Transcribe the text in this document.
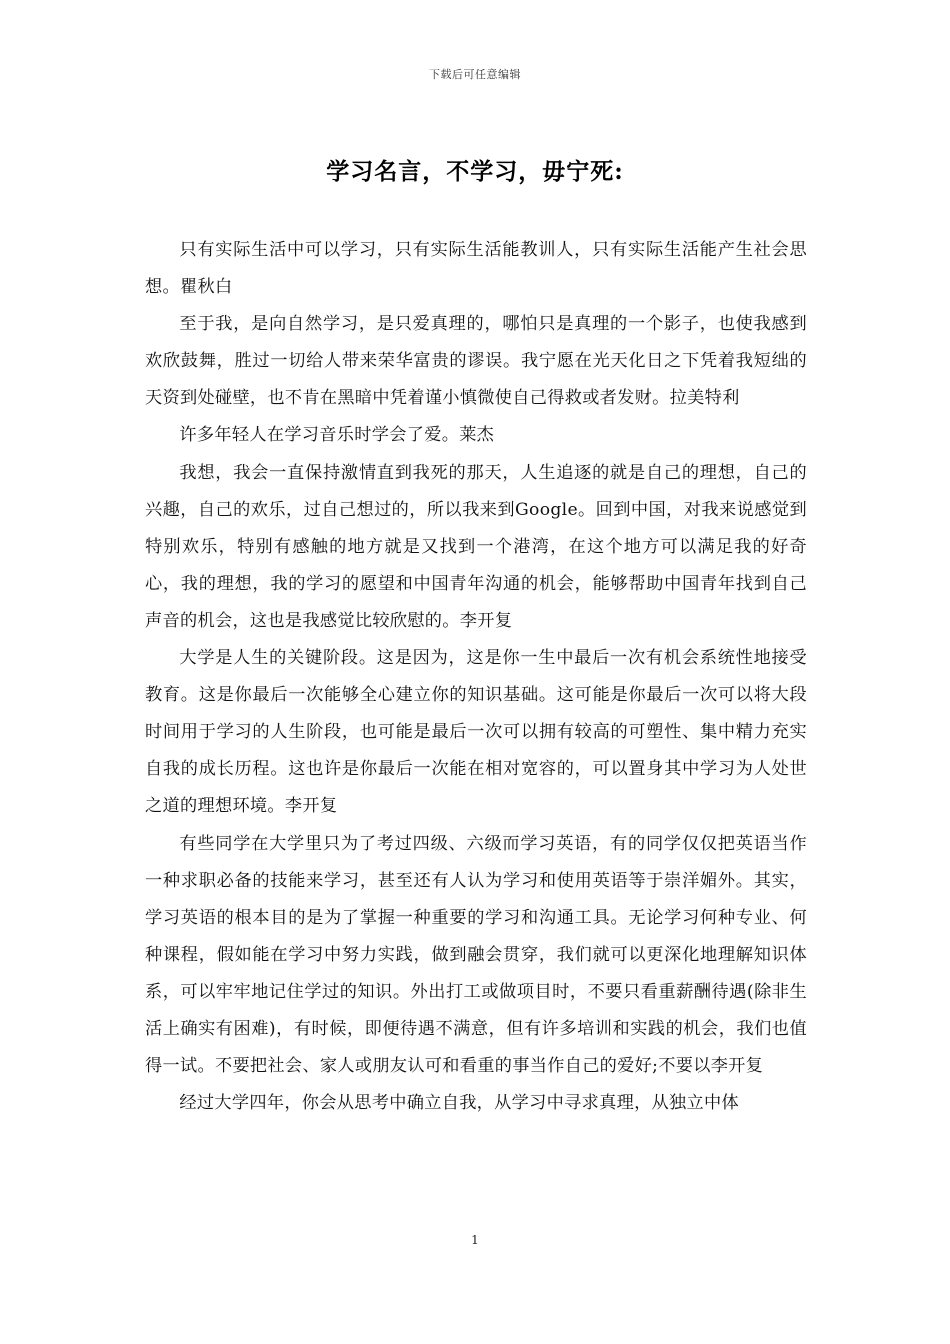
下载后可任意编辑
学习名言，不学习，毋宁死:

只有实际生活中可以学习，只有实际生活能教训人，只有实际生活能产生社会思想。瞿秋白

至于我，是向自然学习，是只爱真理的，哪怕只是真理的一个影子，也使我感到欢欣鼓舞，胜过一切给人带来荣华富贵的谬误。我宁愿在光天化日之下凭着我短绌的天资到处碰壁，也不肯在黑暗中凭着谨小慎微使自己得救或者发财。拉美特利

许多年轻人在学习音乐时学会了爱。莱杰

我想，我会一直保持激情直到我死的那天，人生追逐的就是自己的理想，自己的兴趣，自己的欢乐，过自己想过的，所以我来到Google。回到中国，对我来说感觉到特别欢乐，特别有感触的地方就是又找到一个港湾，在这个地方可以满足我的好奇心，我的理想，我的学习的愿望和中国青年沟通的机会，能够帮助中国青年找到自己声音的机会，这也是我感觉比较欣慰的。李开复

大学是人生的关键阶段。这是因为，这是你一生中最后一次有机会系统性地接受教育。这是你最后一次能够全心建立你的知识基础。这可能是你最后一次可以将大段时间用于学习的人生阶段，也可能是最后一次可以拥有较高的可塑性、集中精力充实自我的成长历程。这也许是你最后一次能在相对宽容的，可以置身其中学习为人处世之道的理想环境。李开复

有些同学在大学里只为了考过四级、六级而学习英语，有的同学仅仅把英语当作一种求职必备的技能来学习，甚至还有人认为学习和使用英语等于崇洋媚外。其实，学习英语的根本目的是为了掌握一种重要的学习和沟通工具。无论学习何种专业、何种课程，假如能在学习中努力实践，做到融会贯穿，我们就可以更深化地理解知识体系，可以牢牢地记住学过的知识。外出打工或做项目时，不要只看重薪酬待遇(除非生活上确实有困难)，有时候，即便待遇不满意，但有许多培训和实践的机会，我们也值得一试。不要把社会、家人或朋友认可和看重的事当作自己的爱好;不要以李开复

经过大学四年，你会从思考中确立自我，从学习中寻求真理，从独立中体

1
